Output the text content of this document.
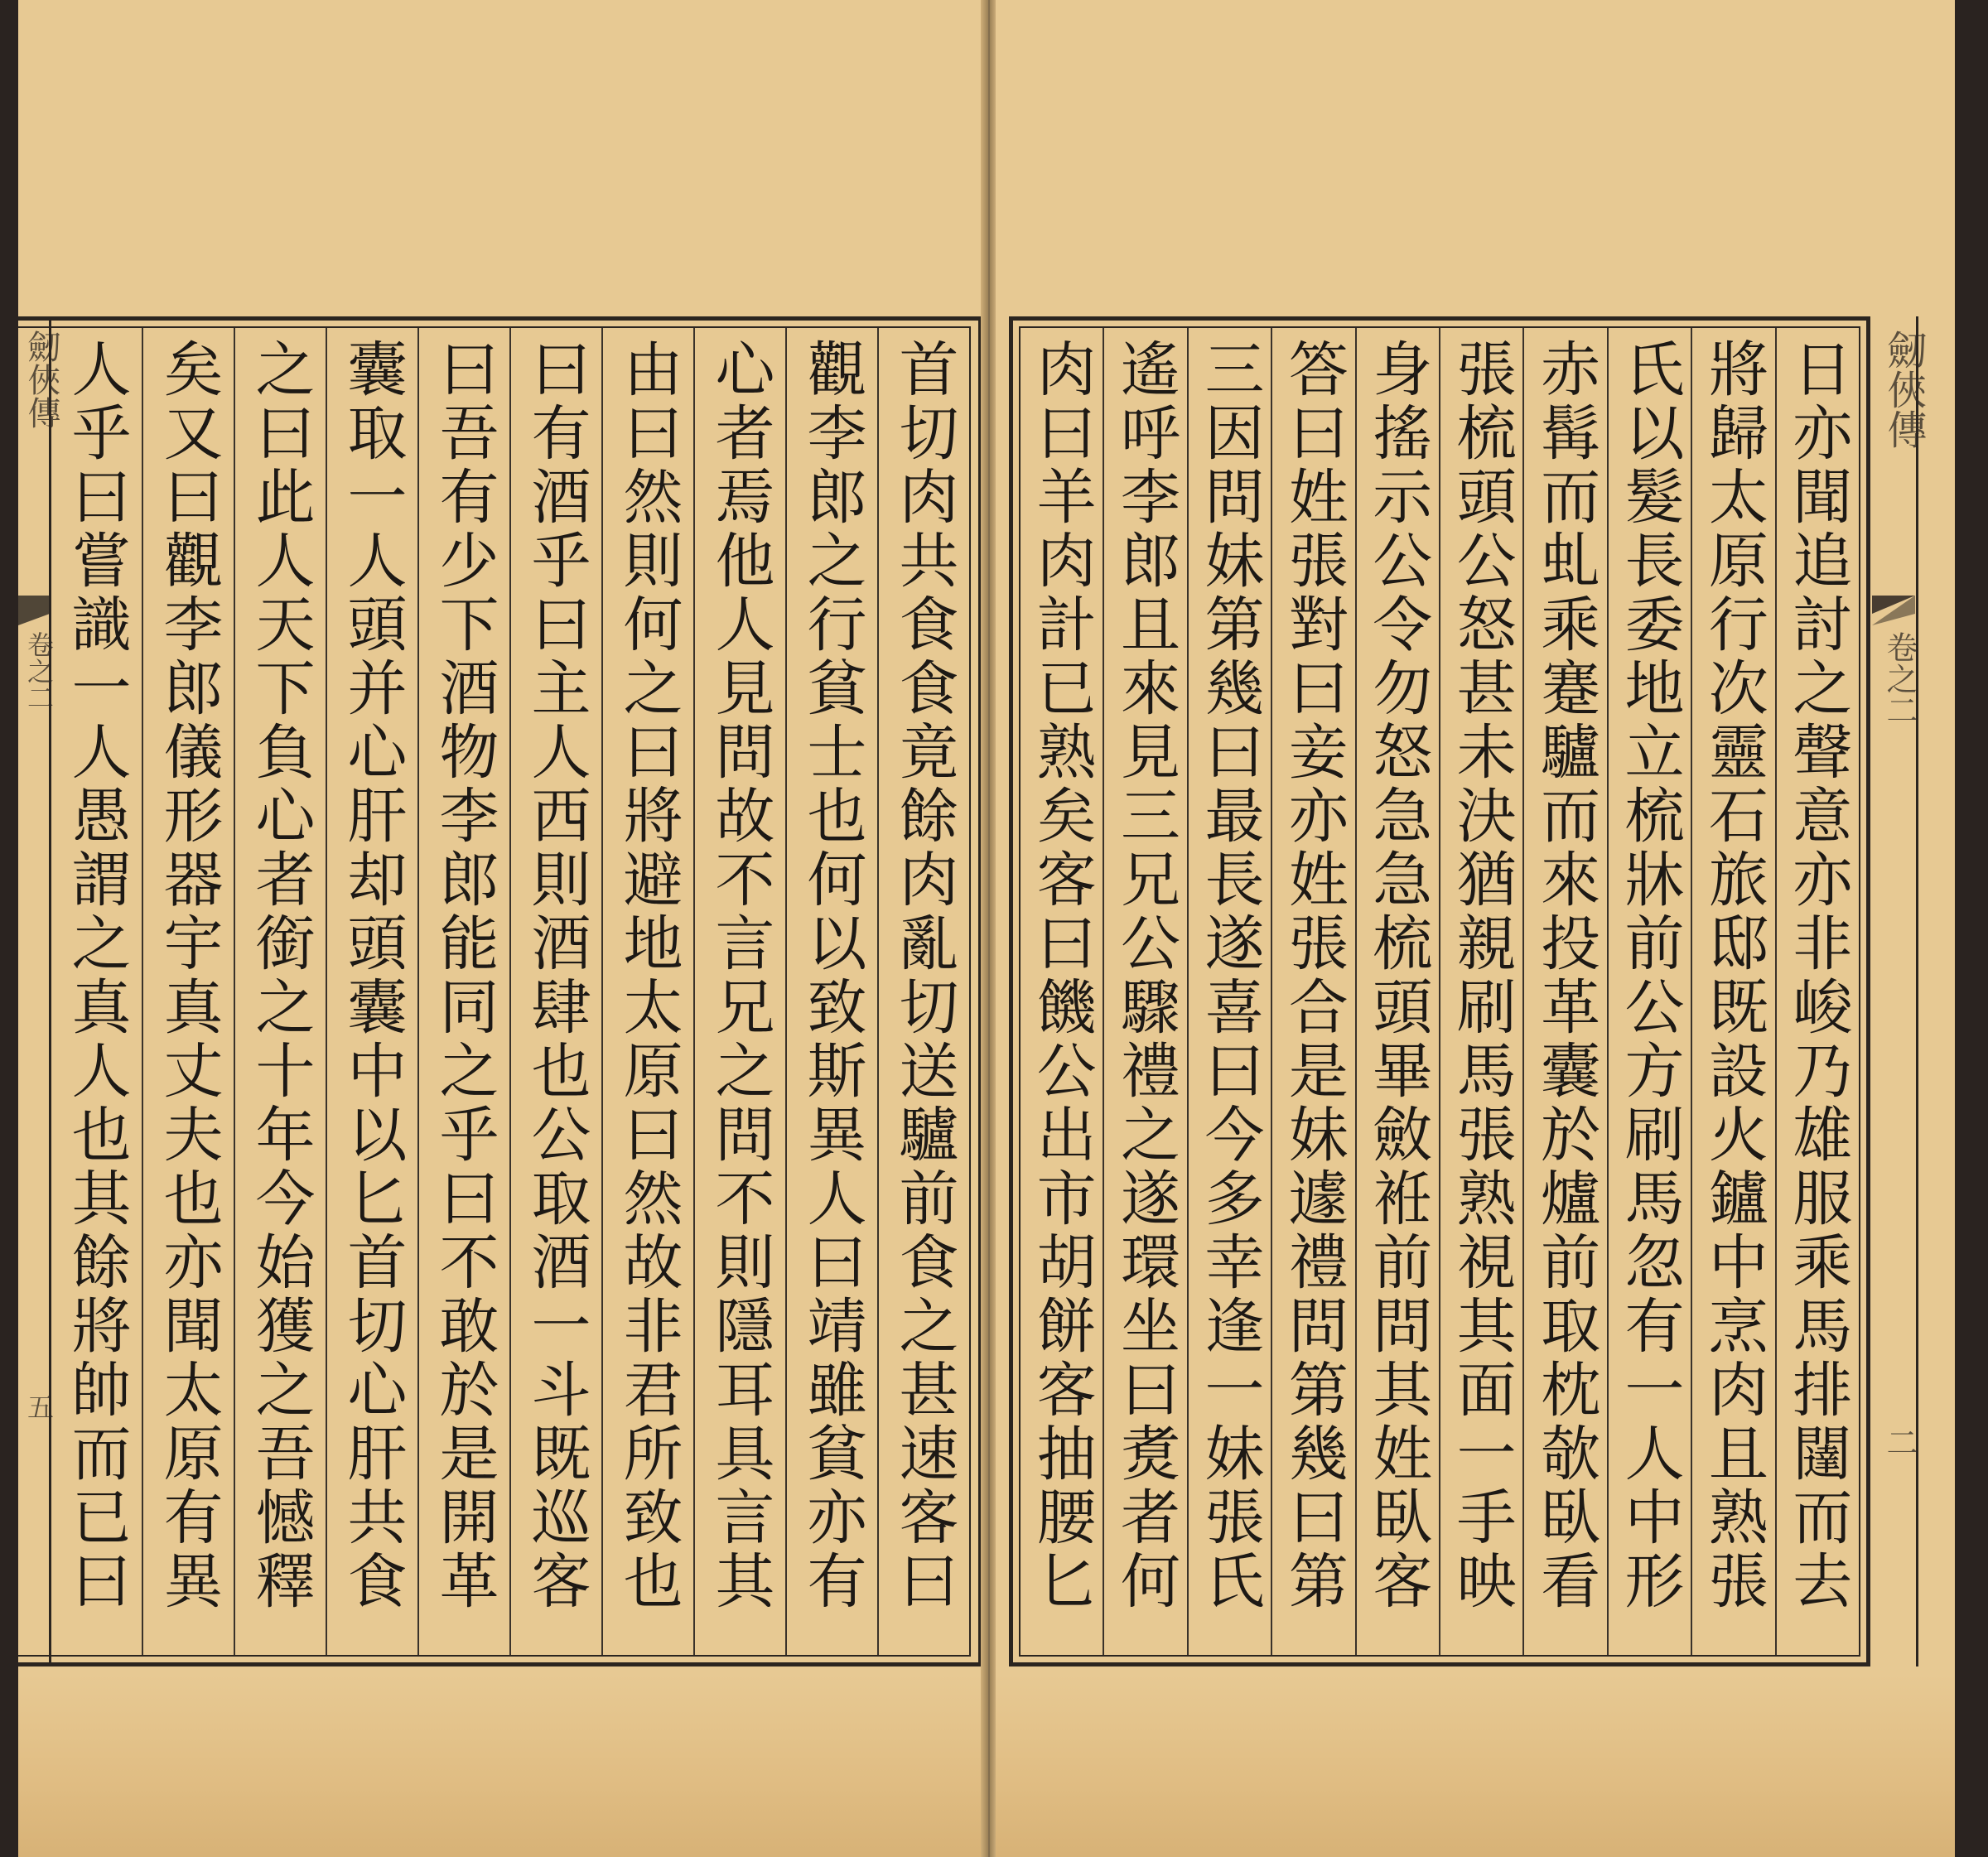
劒俠傳
卷之二
五	首切肉共食食竟餘肉亂切送驢前食之甚速客曰
觀李郎之行貧士也何以致斯異人曰靖雖貧亦有
心者焉他人見問故不言兄之問不則隱耳具言其
由曰然則何之曰將避地太原曰然故非君所致也
曰有酒乎曰主人西則酒肆也公取酒一斗既巡客
曰吾有少下酒物李郎能同之乎曰不敢於是開革
囊取一人頭并心肝却頭囊中以匕首切心肝共食
之曰此人天下負心者銜之十年今始獲之吾憾釋
矣又曰觀李郎儀形器宇真丈夫也亦聞太原有異
人乎曰嘗識一人愚謂之真人也其餘將帥而已曰	日亦聞追討之聲意亦非峻乃雄服乘馬排闥而去
將歸太原行次靈石旅邸既設火鑪中烹肉且熟張
氏以髮長委地立梳牀前公方刷馬忽有一人中形
赤髯而虬乘蹇驢而來投革囊於爐前取枕欹臥看
張梳頭公怒甚未決猶親刷馬張熟視其面一手映
身搖示公令勿怒急急梳頭畢斂袵前問其姓臥客
答曰姓張對曰妾亦姓張合是妹遽禮問第幾曰第
三因問妹第幾曰最長遂喜曰今多幸逢一妹張氏
遙呼李郎且來見三兄公驟禮之遂環坐曰煑者何
肉曰羊肉計已熟矣客曰饑公出市胡餅客抽腰匕	劒俠傳
卷之二
二
